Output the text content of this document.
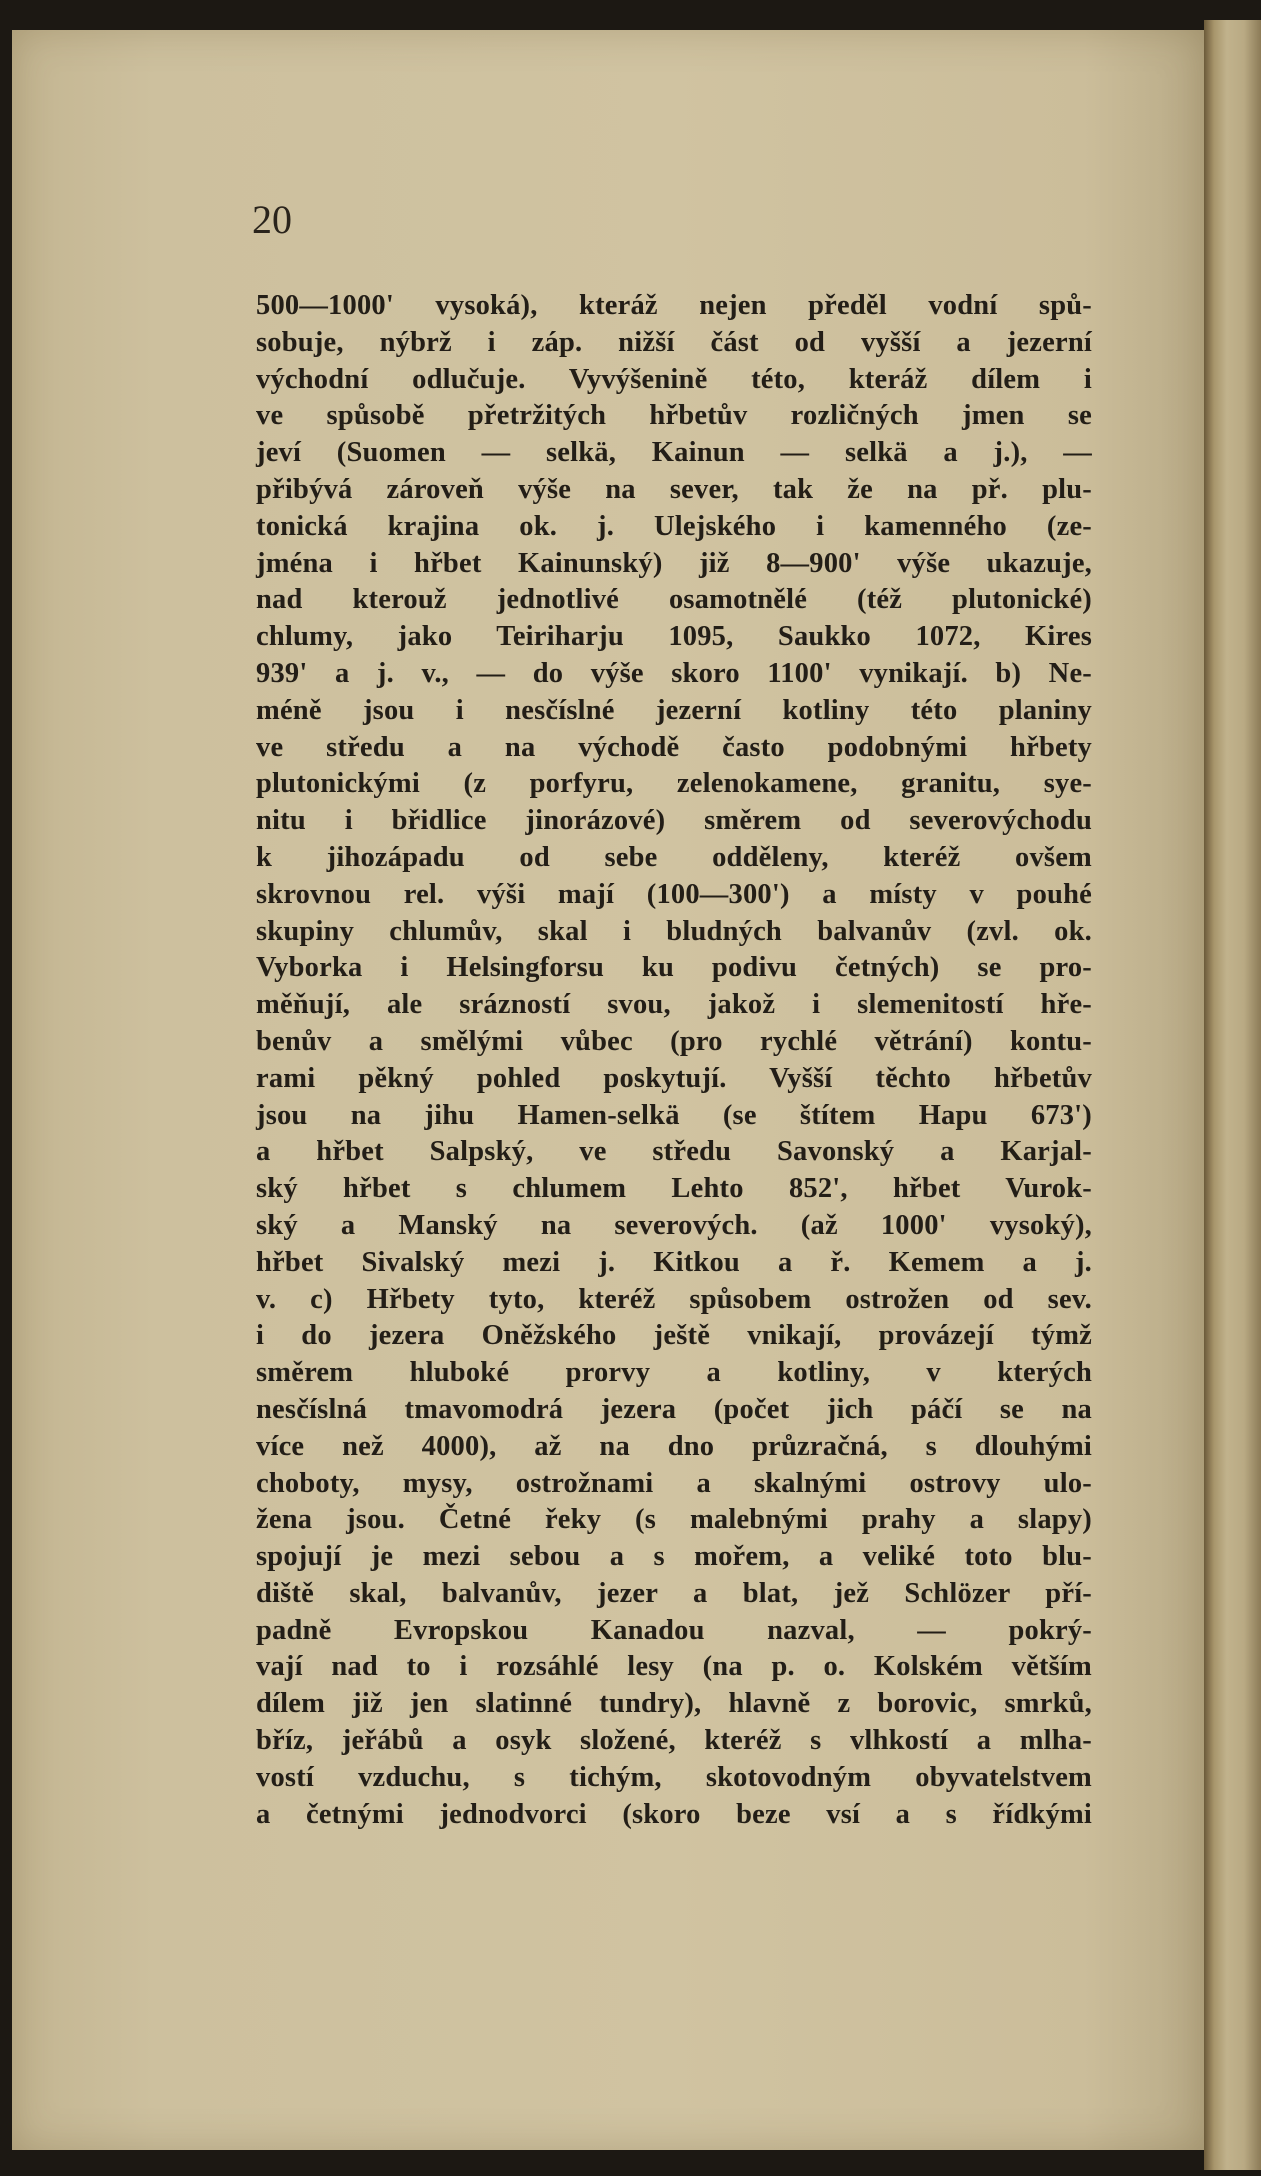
20
500—1000' vysoká), kteráž nejen předěl vodní spů-
sobuje, nýbrž i záp. nižší část od vyšší a jezerní
východní odlučuje. Vyvýšenině této, kteráž dílem i
ve spůsobě přetržitých hřbetův rozličných jmen se
jeví (Suomen — selkä, Kainun — selkä a j.), —
přibývá zároveň výše na sever, tak že na př. plu-
tonická krajina ok. j. Ulejského i kamenného (ze-
jména i hřbet Kainunský) již 8—900' výše ukazuje,
nad kterouž jednotlivé osamotnělé (též plutonické)
chlumy, jako Teiriharju 1095, Saukko 1072, Kires
939' a j. v., — do výše skoro 1100' vynikají. b) Ne-
méně jsou i nesčíslné jezerní kotliny této planiny
ve středu a na východě často podobnými hřbety
plutonickými (z porfyru, zelenokamene, granitu, sye-
nitu i břidlice jinorázové) směrem od severovýchodu
k jihozápadu od sebe odděleny, kteréž ovšem
skrovnou rel. výši mají (100—300') a místy v pouhé
skupiny chlumův, skal i bludných balvanův (zvl. ok.
Vyborka i Helsingforsu ku podivu četných) se pro-
měňují, ale srázností svou, jakož i slemenitostí hře-
benův a smělými vůbec (pro rychlé větrání) kontu-
rami pěkný pohled poskytují. Vyšší těchto hřbetův
jsou na jihu Hamen-selkä (se štítem Hapu 673')
a hřbet Salpský, ve středu Savonský a Karjal-
ský hřbet s chlumem Lehto 852', hřbet Vurok-
ský a Manský na severových. (až 1000' vysoký),
hřbet Sivalský mezi j. Kitkou a ř. Kemem a j.
v. c) Hřbety tyto, kteréž spůsobem ostrožen od sev.
i do jezera Oněžského ještě vnikají, provázejí týmž
směrem hluboké prorvy a kotliny, v kterých
nesčíslná tmavomodrá jezera (počet jich páčí se na
více než 4000), až na dno průzračná, s dlouhými
choboty, mysy, ostrožnami a skalnými ostrovy ulo-
žena jsou. Četné řeky (s malebnými prahy a slapy)
spojují je mezi sebou a s mořem, a veliké toto blu-
diště skal, balvanův, jezer a blat, jež Schlözer pří-
padně Evropskou Kanadou nazval, — pokrý-
vají nad to i rozsáhlé lesy (na p. o. Kolském větším
dílem již jen slatinné tundry), hlavně z borovic, smrků,
bříz, jeřábů a osyk složené, kteréž s vlhkostí a mlha-
vostí vzduchu, s tichým, skotovodným obyvatelstvem
a četnými jednodvorci (skoro beze vsí a s řídkými
